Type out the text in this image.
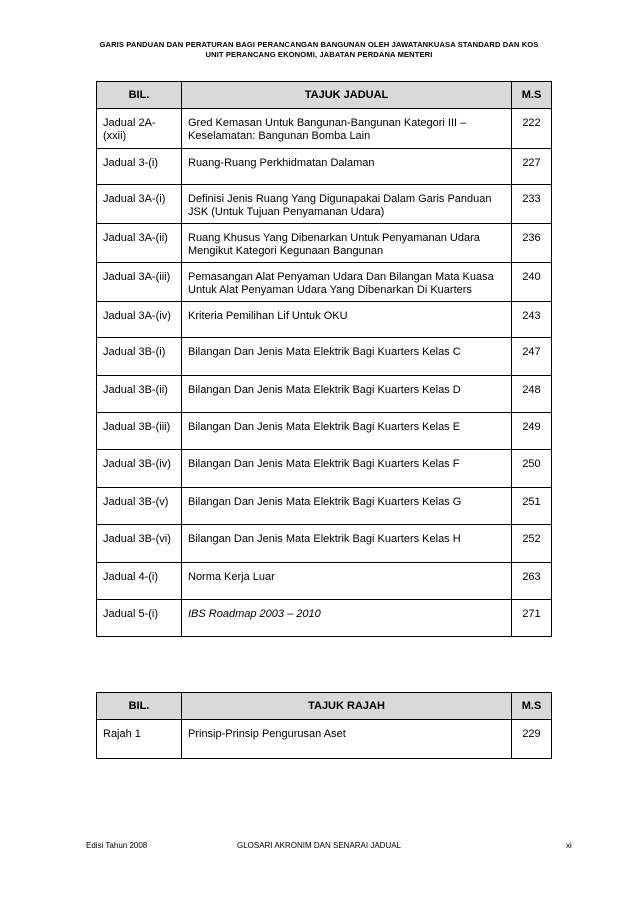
GARIS PANDUAN DAN PERATURAN BAGI PERANCANGAN BANGUNAN OLEH JAWATANKUASA STANDARD DAN KOS
UNIT PERANCANG EKONOMI, JABATAN PERDANA MENTERI
BIL.	TAJUK JADUAL	M.S

Jadual 2A-(xxii)	Gred Kemasan Untuk Bangunan-Bangunan Kategori III – Keselamatan: Bangunan Bomba Lain	222

Jadual 3-(i)	Ruang-Ruang Perkhidmatan Dalaman	227

Jadual 3A-(i)	Definisi Jenis Ruang Yang Digunapakai Dalam Garis Panduan JSK (Untuk Tujuan Penyamanan Udara)	233

Jadual 3A-(ii)	Ruang Khusus Yang Dibenarkan Untuk Penyamanan Udara Mengikut Kategori Kegunaan Bangunan	236

Jadual 3A-(iii)	Pemasangan Alat Penyaman Udara Dan Bilangan Mata Kuasa Untuk Alat Penyaman Udara Yang Dibenarkan Di Kuarters	240

Jadual 3A-(iv)	Kriteria Pemilihan Lif Untuk OKU	243

Jadual 3B-(i)	Bilangan Dan Jenis Mata Elektrik Bagi Kuarters Kelas C	247

Jadual 3B-(ii)	Bilangan Dan Jenis Mata Elektrik Bagi Kuarters Kelas D	248

Jadual 3B-(iii)	Bilangan Dan Jenis Mata Elektrik Bagi Kuarters Kelas E	249

Jadual 3B-(iv)	Bilangan Dan Jenis Mata Elektrik Bagi Kuarters Kelas F	250

Jadual 3B-(v)	Bilangan Dan Jenis Mata Elektrik Bagi Kuarters Kelas G	251

Jadual 3B-(vi)	Bilangan Dan Jenis Mata Elektrik Bagi Kuarters Kelas H	252

Jadual 4-(i)	Norma Kerja Luar	263

Jadual 5-(i)	IBS Roadmap 2003 – 2010	271
BIL.	TAJUK RAJAH	M.S

Rajah 1	Prinsip-Prinsip Pengurusan Aset	229
Edisi Tahun 2008	GLOSARI AKRONIM DAN SENARAI JADUAL	xi
